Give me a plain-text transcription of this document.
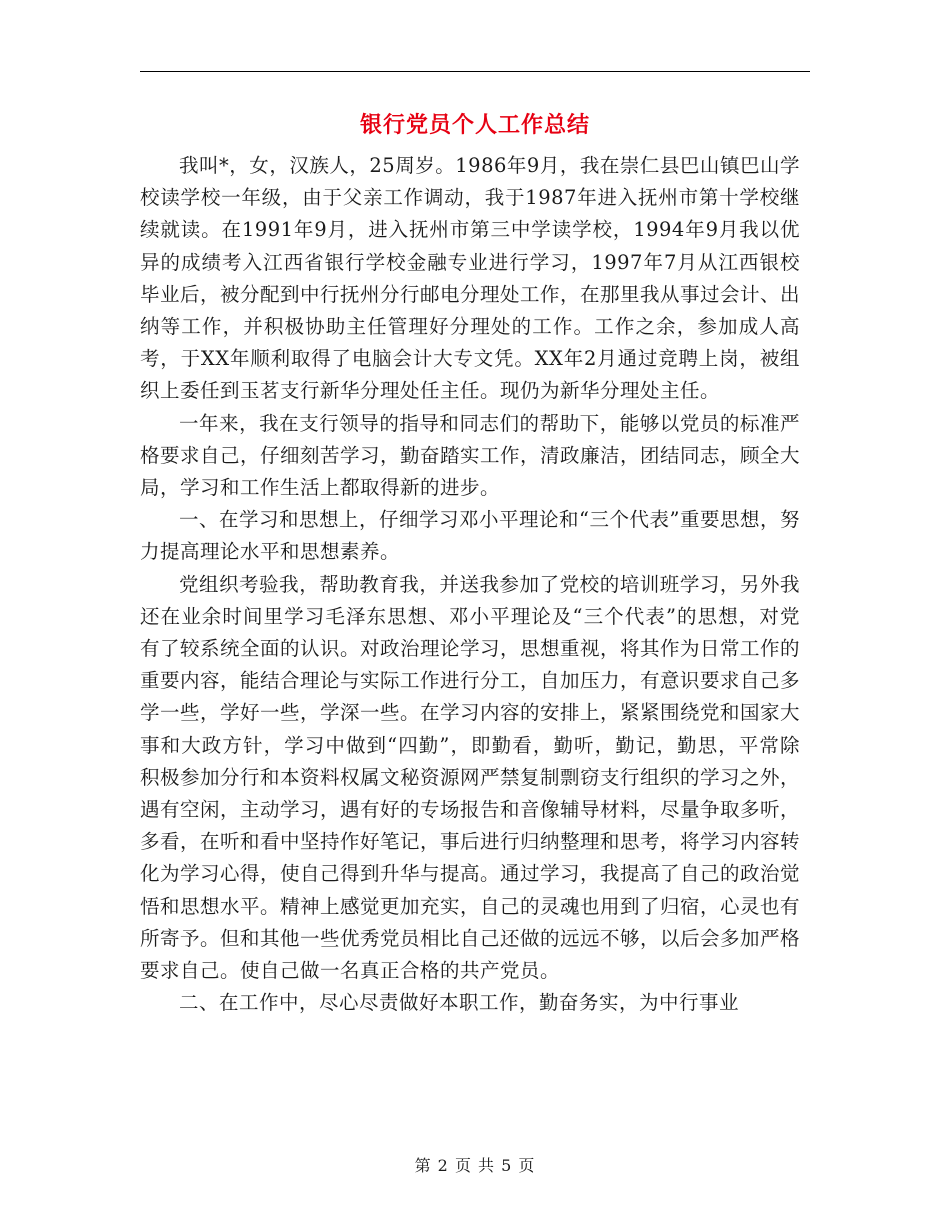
银行党员个人工作总结

我叫*，女，汉族人，25周岁。1986年9月，我在崇仁县巴山镇巴山学校读学校一年级，由于父亲工作调动，我于1987年进入抚州市第十学校继续就读。在1991年9月，进入抚州市第三中学读学校，1994年9月我以优异的成绩考入江西省银行学校金融专业进行学习，1997年7月从江西银校毕业后，被分配到中行抚州分行邮电分理处工作，在那里我从事过会计、出纳等工作，并积极协助主任管理好分理处的工作。工作之余，参加成人高考，于XX年顺利取得了电脑会计大专文凭。XX年2月通过竞聘上岗，被组织上委任到玉茗支行新华分理处任主任。现仍为新华分理处主任。

一年来，我在支行领导的指导和同志们的帮助下，能够以党员的标准严格要求自己，仔细刻苦学习，勤奋踏实工作，清政廉洁，团结同志，顾全大局，学习和工作生活上都取得新的进步。

一、在学习和思想上，仔细学习邓小平理论和“三个代表”重要思想，努力提高理论水平和思想素养。

党组织考验我，帮助教育我，并送我参加了党校的培训班学习，另外我还在业余时间里学习毛泽东思想、邓小平理论及“三个代表”的思想，对党有了较系统全面的认识。对政治理论学习，思想重视，将其作为日常工作的重要内容，能结合理论与实际工作进行分工，自加压力，有意识要求自己多学一些，学好一些，学深一些。在学习内容的安排上，紧紧围绕党和国家大事和大政方针，学习中做到“四勤”，即勤看，勤听，勤记，勤思，平常除积极参加分行和本资料权属文秘资源网严禁复制剽窃支行组织的学习之外，遇有空闲，主动学习，遇有好的专场报告和音像辅导材料，尽量争取多听，多看，在听和看中坚持作好笔记，事后进行归纳整理和思考，将学习内容转化为学习心得，使自己得到升华与提高。通过学习，我提高了自己的政治觉悟和思想水平。精神上感觉更加充实，自己的灵魂也用到了归宿，心灵也有所寄予。但和其他一些优秀党员相比自己还做的远远不够，以后会多加严格要求自己。使自己做一名真正合格的共产党员。

二、在工作中，尽心尽责做好本职工作，勤奋务实，为中行事业

第 2 页 共 5 页
